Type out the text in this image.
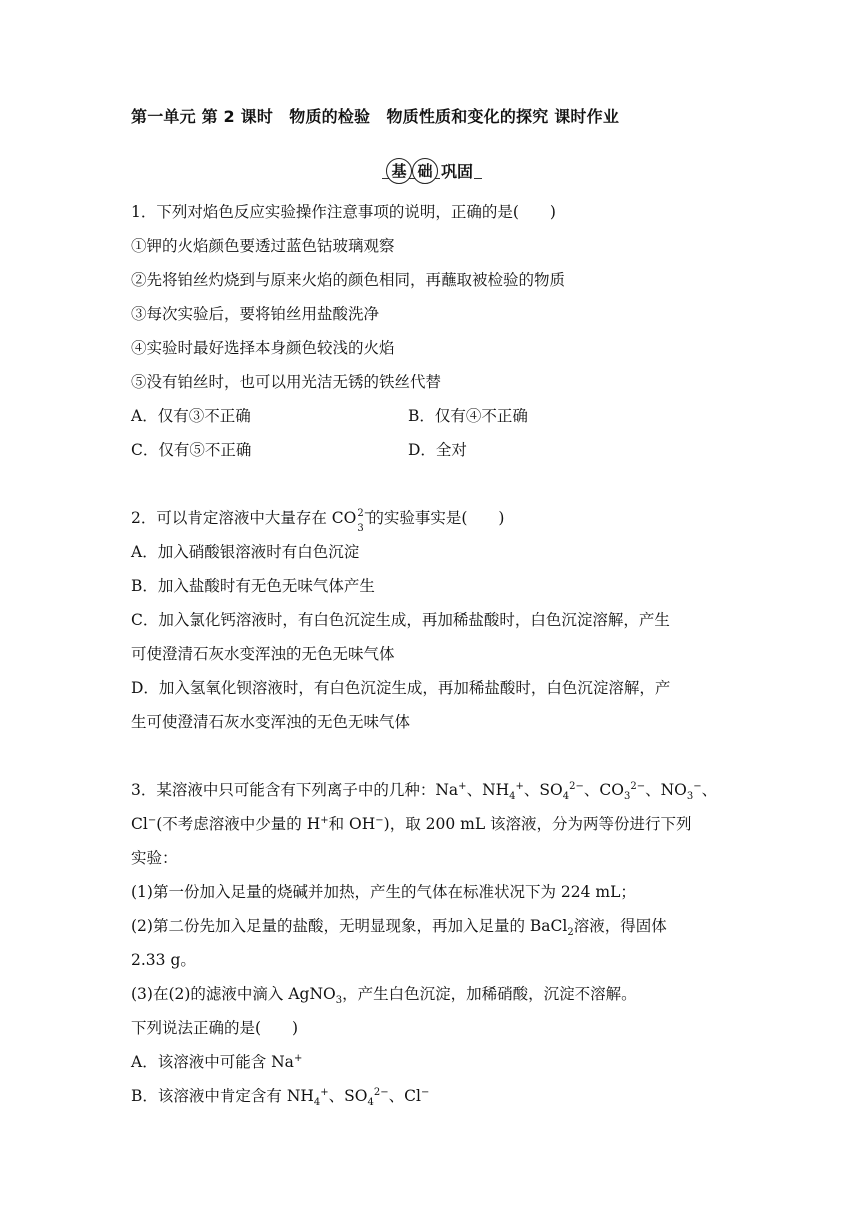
第一单元 第 2 课时　物质的检验　物质性质和变化的探究 课时作业
基 础 巩固
1．下列对焰色反应实验操作注意事项的说明，正确的是(　　)
①钾的火焰颜色要透过蓝色钴玻璃观察
②先将铂丝灼烧到与原来火焰的颜色相同，再蘸取被检验的物质
③每次实验后，要将铂丝用盐酸洗净
④实验时最好选择本身颜色较浅的火焰
⑤没有铂丝时，也可以用光洁无锈的铁丝代替
A．仅有③不正确	B．仅有④不正确
C．仅有⑤不正确	D．全对
2．可以肯定溶液中大量存在 CO 2−
3
的实验事实是(　　)
A．加入硝酸银溶液时有白色沉淀
B．加入盐酸时有无色无味气体产生
C．加入氯化钙溶液时，有白色沉淀生成，再加稀盐酸时，白色沉淀溶解，产生
可使澄清石灰水变浑浊的无色无味气体
D．加入氢氧化钡溶液时，有白色沉淀生成，再加稀盐酸时，白色沉淀溶解，产
生可使澄清石灰水变浑浊的无色无味气体
3．某溶液中只可能含有下列离子中的几种：Na+、$NH_4^+$、$SO_4^{2-}$、$CO_3^{2-}$、$NO_3^-$、
Cl−(不考虑溶液中少量的 H+和 OH−)，取 200 mL 该溶液，分为两等份进行下列
实验：
(1)第一份加入足量的烧碱并加热，产生的气体在标准状况下为 224 mL；
(2)第二份先加入足量的盐酸，无明显现象，再加入足量的 BaCl$_2$溶液，得固体
2.33 g。
(3)在(2)的滤液中滴入 AgNO$_3$，产生白色沉淀，加稀硝酸，沉淀不溶解。
下列说法正确的是(　　)
A．该溶液中可能含 Na+
B．该溶液中肯定含有 $NH_4^+$、$SO_4^{2-}$、Cl−
